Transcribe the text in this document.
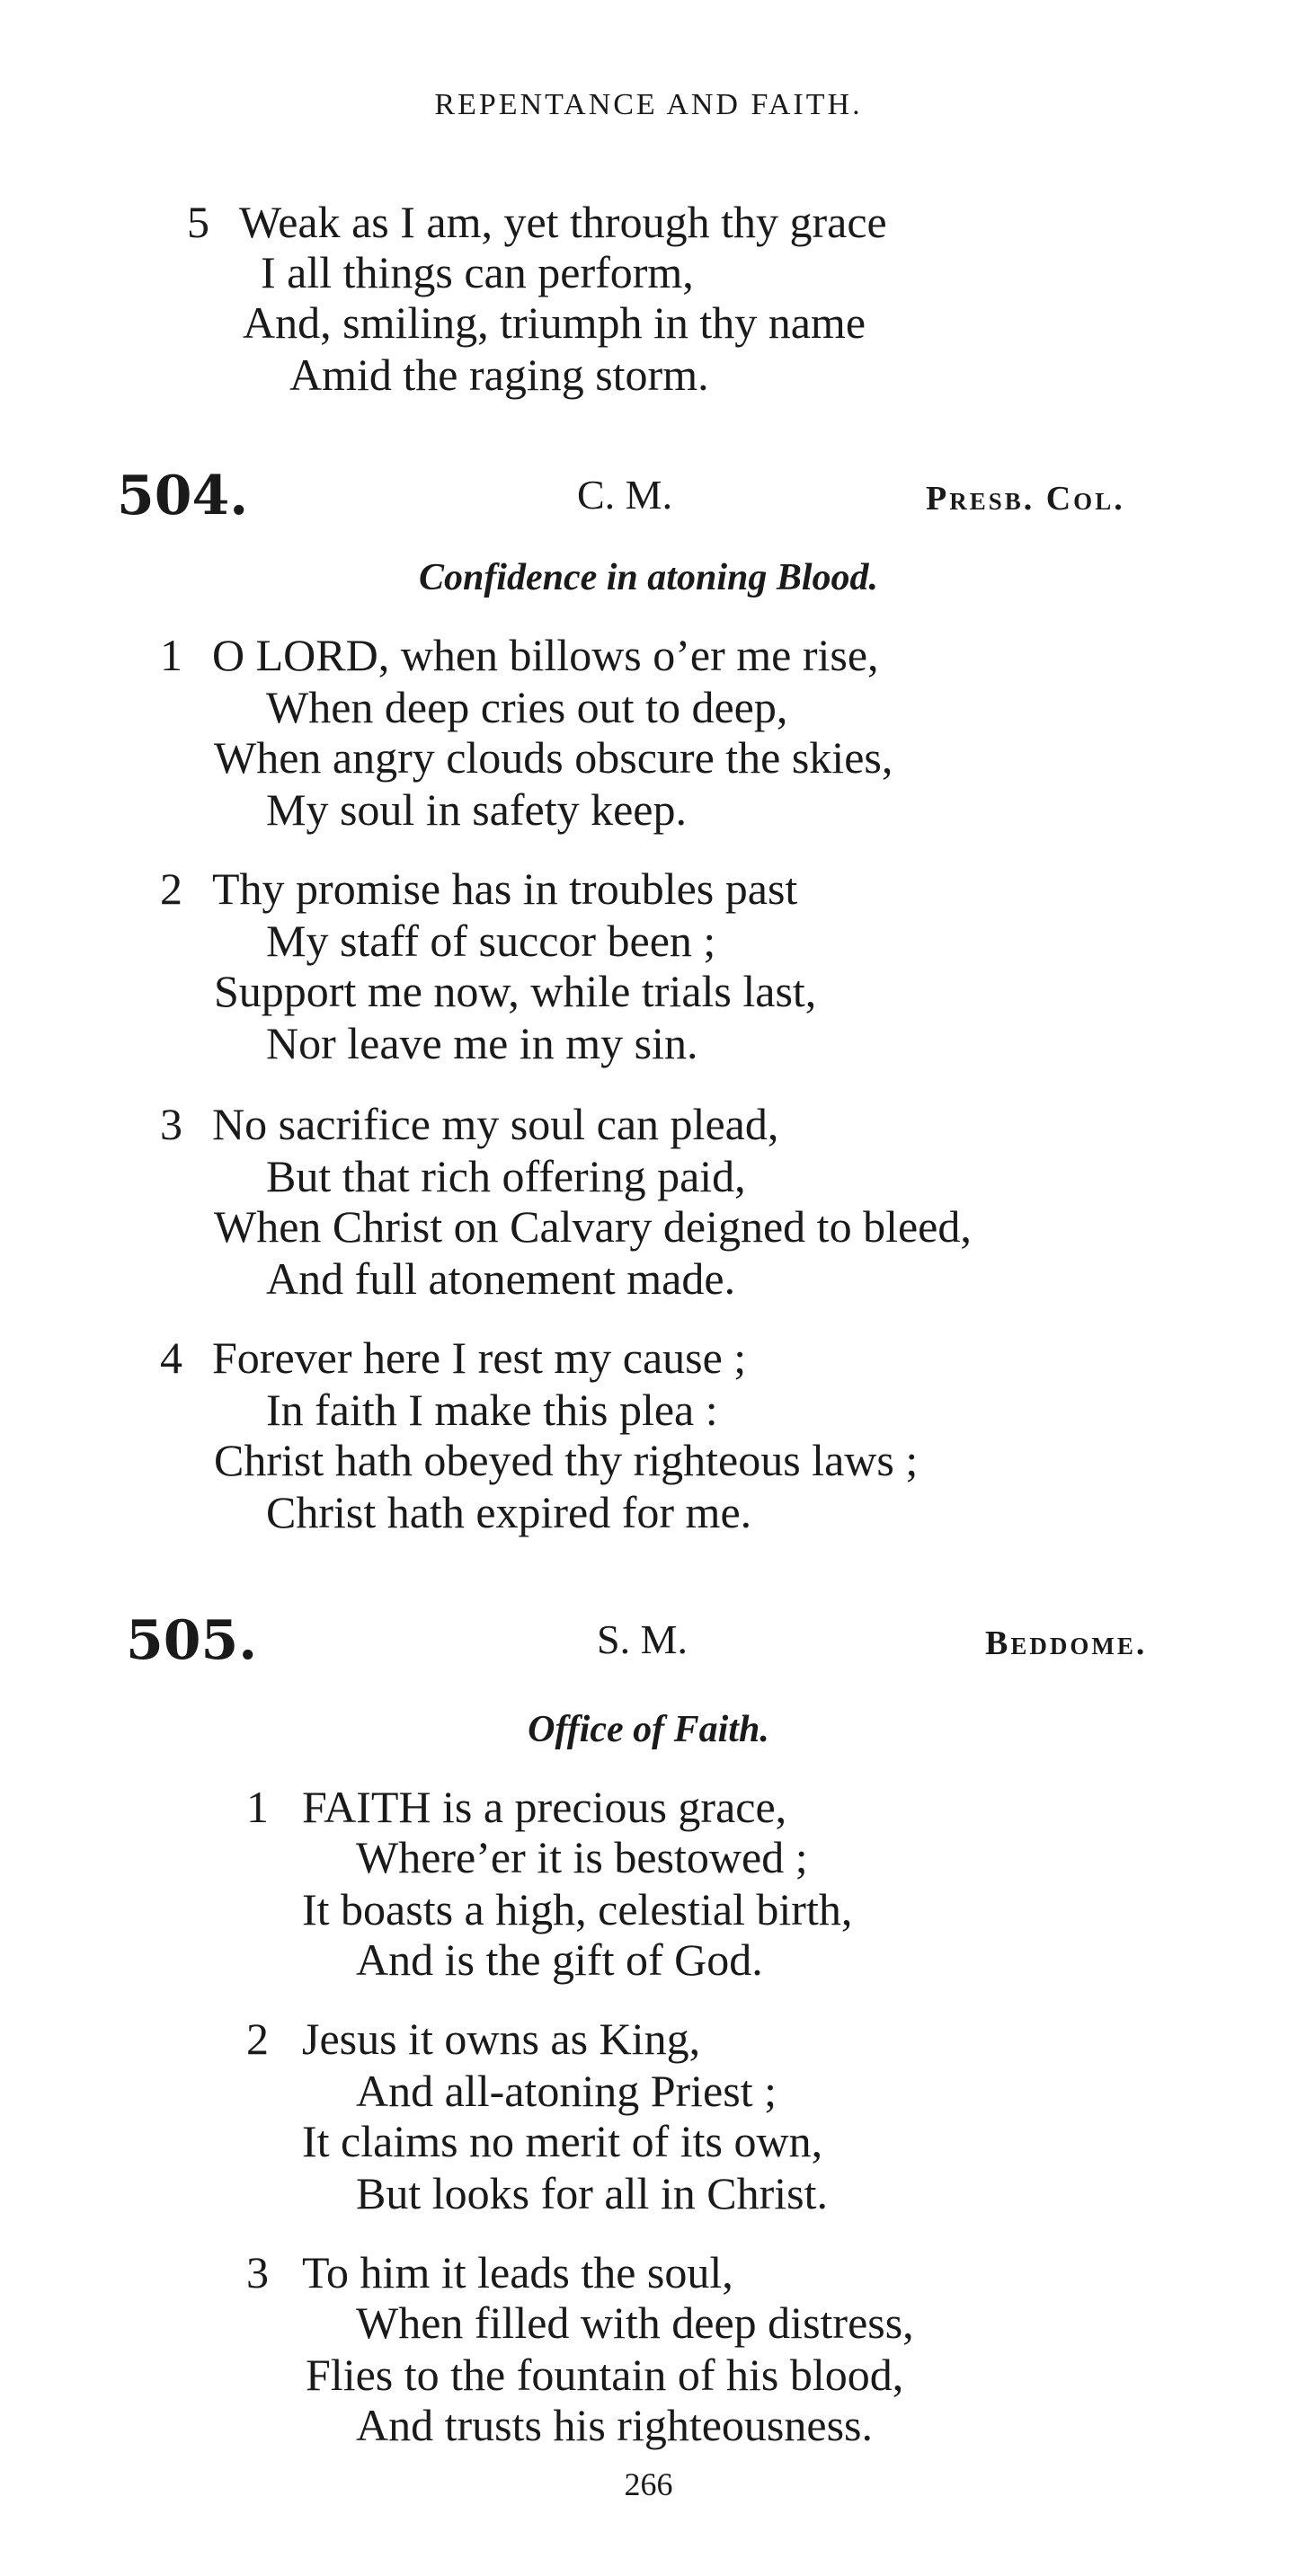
REPENTANCE AND FAITH.
5 Weak as I am, yet through thy grace
I all things can perform,
And, smiling, triumph in thy name
Amid the raging storm.
504.	C. M.	Presb. Col.
Confidence in atoning Blood.
1 O LORD, when billows o’er me rise,
When deep cries out to deep,
When angry clouds obscure the skies,
My soul in safety keep.
2 Thy promise has in troubles past
My staff of succor been ;
Support me now, while trials last,
Nor leave me in my sin.
3 No sacrifice my soul can plead,
But that rich offering paid,
When Christ on Calvary deigned to bleed,
And full atonement made.
4 Forever here I rest my cause ;
In faith I make this plea :
Christ hath obeyed thy righteous laws ;
Christ hath expired for me.
505.	S. M.	Beddome.
Office of Faith.
1 FAITH is a precious grace,
Where’er it is bestowed ;
It boasts a high, celestial birth,
And is the gift of God.
2 Jesus it owns as King,
And all-atoning Priest ;
It claims no merit of its own,
But looks for all in Christ.
3 To him it leads the soul,
When filled with deep distress,
Flies to the fountain of his blood,
And trusts his righteousness.
266
